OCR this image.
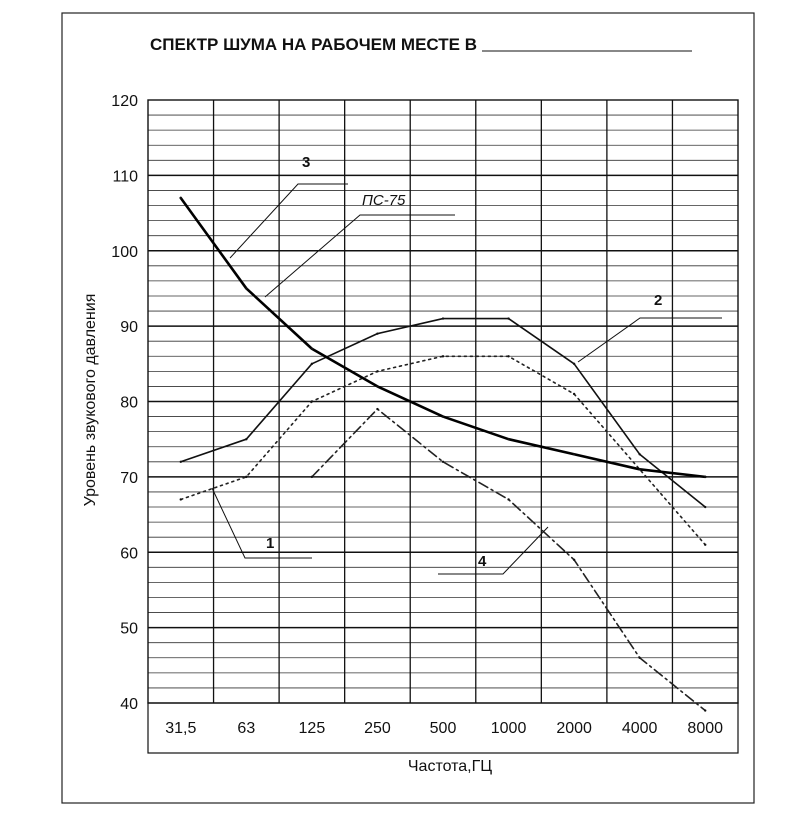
СПЕКТР ШУМА НА РАБОЧЕМ МЕСТЕ В
40
50
60
70
80
90
100
110
120
31,5	63	125 250 500 1000 2000 4000 8000
Уровень звукового давления
Частота,ГЦ
3
ПС-75
2
1
4
